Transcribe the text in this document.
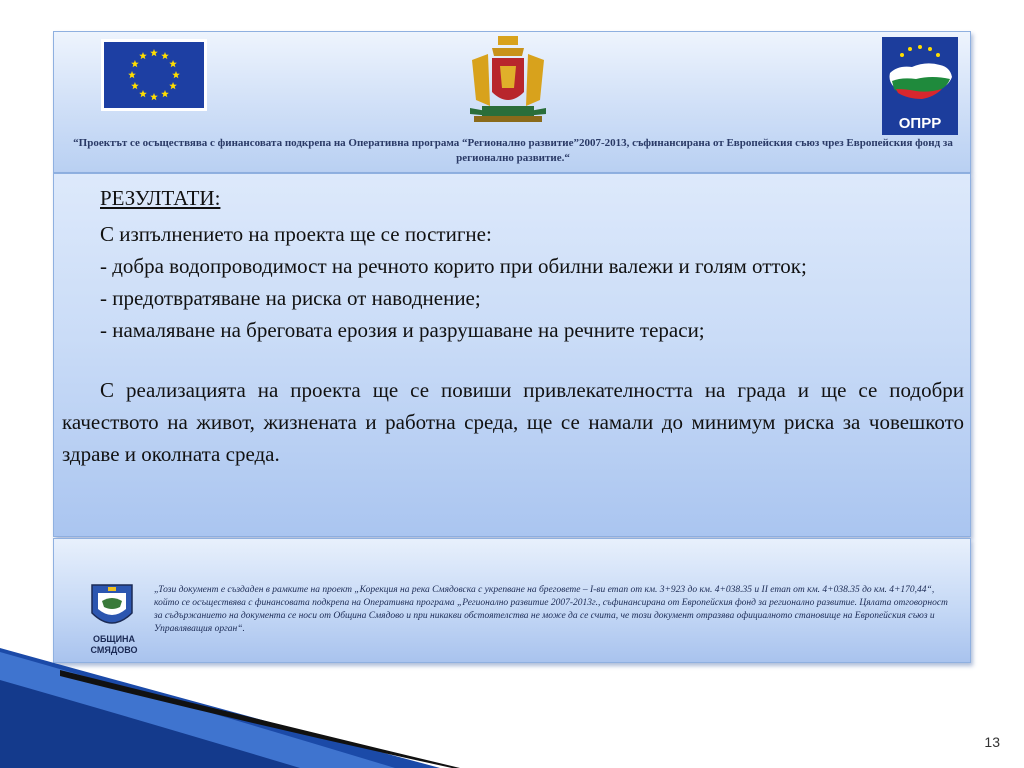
ОПРР
“Проектът се осъществява с финансовата подкрепа на Оперативна програма “Регионално развитие”2007-2013, съфинансирана от Европейския съюз чрез Европейския фонд за регионално развитие.“

РЕЗУЛТАТИ:

С изпълнението на проекта ще се постигне:

- добра водопроводимост на речното корито при обилни валежи и голям отток;

- предотвратяване на риска от наводнение;

- намаляване на бреговата ерозия и разрушаване на речните тераси;

С реализацията на проекта ще се повиши привлекателността на града и ще се подобри качеството на живот, жизнената и работна среда, ще се намали до минимум риска за човешкото здраве и околната среда.

ОБЩИНА СМЯДОВО
„Този документ е създаден в рамките на проект „Корекция на река Смядовска с укрепване на бреговете – I-ви етап от км. 3+923 до км. 4+038.35 и II етап от км. 4+038.35 до км. 4+170,44“, който се осъществява с финансовата подкрепа на Оперативна програма „Регионално развитие 2007-2013г., съфинансирана от Европейския фонд за регионално развитие. Цялата отговорност за съдържанието на документа се носи от Община Смядово и при никакви обстоятелства не може да се счита, че този документ отразява официалното становище на Европейския съюз и Управляващия орган“.
13
